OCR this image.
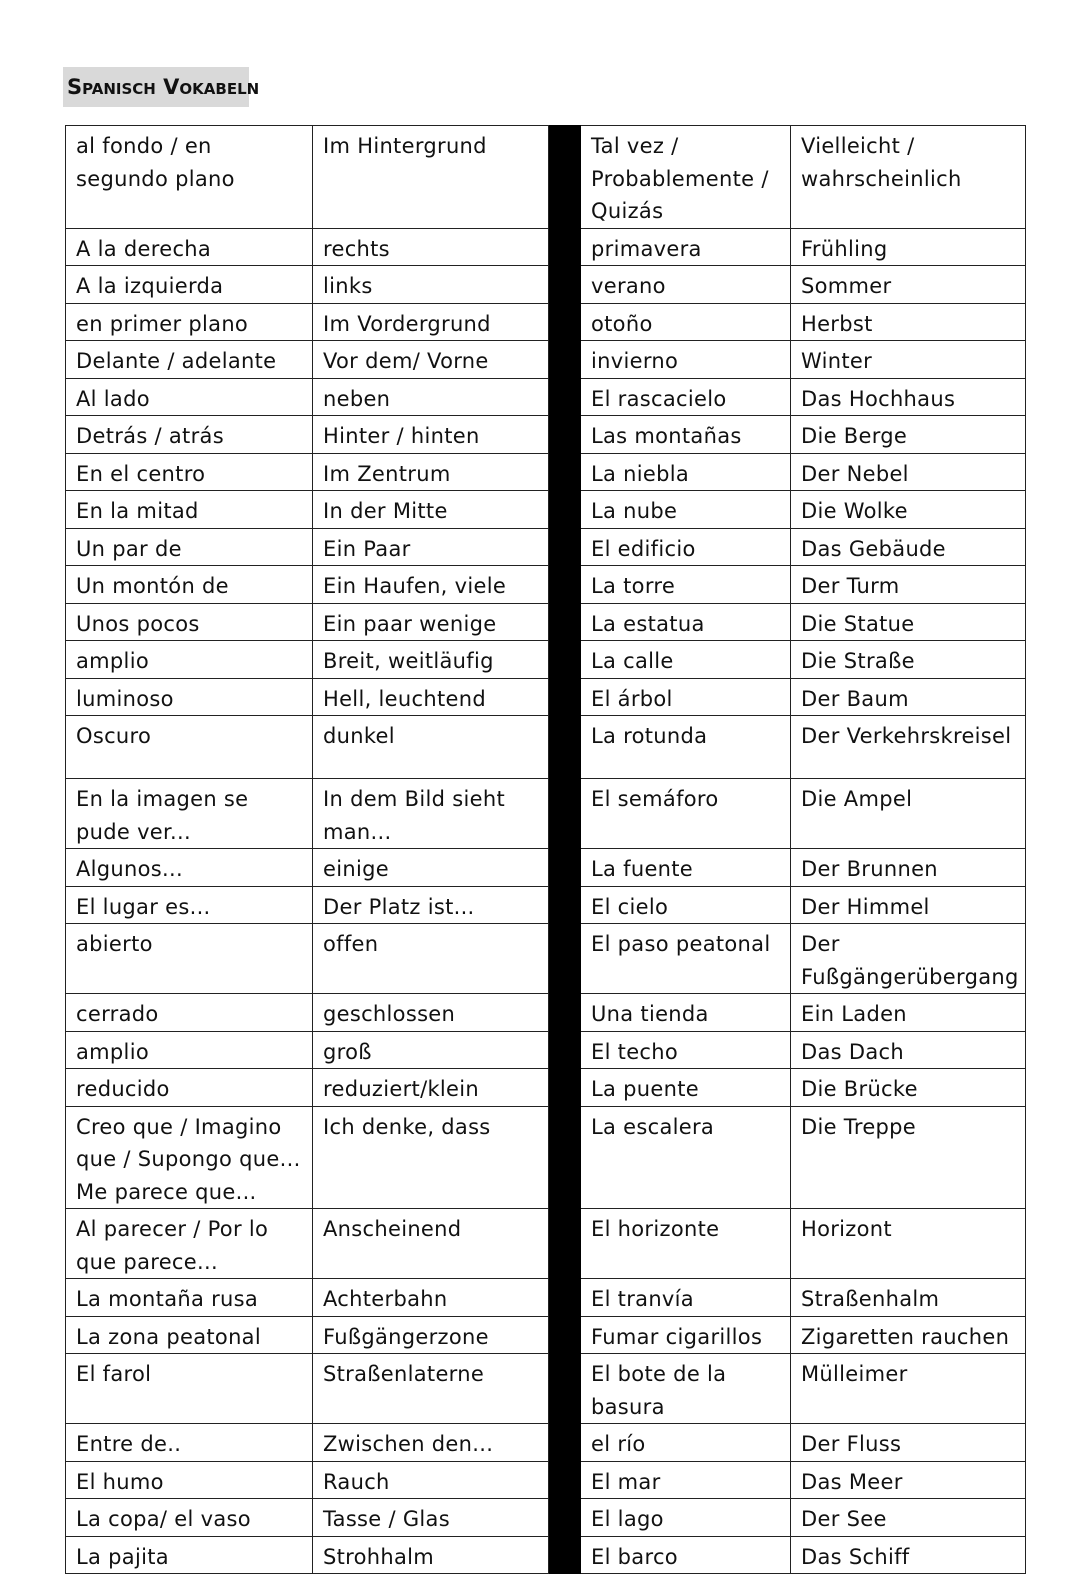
Spanisch Vokabeln
al fondo / en segundo plano	Im Hintergrund		Tal vez / Probablemente / Quizás	Vielleicht / wahrscheinlich
A la derecha	rechts		primavera	Frühling
A la izquierda	links		verano	Sommer
en primer plano	Im Vordergrund		otoño	Herbst
Delante / adelante	Vor dem/ Vorne		invierno	Winter
Al lado	neben		El rascacielo	Das Hochhaus
Detrás / atrás	Hinter / hinten		Las montañas	Die Berge
En el centro	Im Zentrum		La niebla	Der Nebel
En la mitad	In der Mitte		La nube	Die Wolke
Un par de	Ein Paar		El edificio	Das Gebäude
Un montón de	Ein Haufen, viele		La torre	Der Turm
Unos pocos	Ein paar wenige		La estatua	Die Statue
amplio	Breit, weitläufig		La calle	Die Straße
luminoso	Hell, leuchtend		El árbol	Der Baum
Oscuro	dunkel		La rotunda	Der Verkehrskreisel
En la imagen se pude ver...	In dem Bild sieht man...		El semáforo	Die Ampel
Algunos...	einige		La fuente	Der Brunnen
El lugar es...	Der Platz ist...		El cielo	Der Himmel
abierto	offen		El paso peatonal	Der Fußgängerübergang
cerrado	geschlossen		Una tienda	Ein Laden
amplio	groß		El techo	Das Dach
reducido	reduziert/klein		La puente	Die Brücke
Creo que / Imagino que / Supongo que... Me parece que...	Ich denke, dass		La escalera	Die Treppe
Al parecer / Por lo que parece...	Anscheinend		El horizonte	Horizont
La montaña rusa	Achterbahn		El tranvía	Straßenhalm
La zona peatonal	Fußgängerzone		Fumar cigarillos	Zigaretten rauchen
El farol	Straßenlaterne		El bote de la basura	Mülleimer
Entre de..	Zwischen den...		el río	Der Fluss
El humo	Rauch		El mar	Das Meer
La copa/ el vaso	Tasse / Glas		El lago	Der See
La pajita	Strohhalm		El barco	Das Schiff
